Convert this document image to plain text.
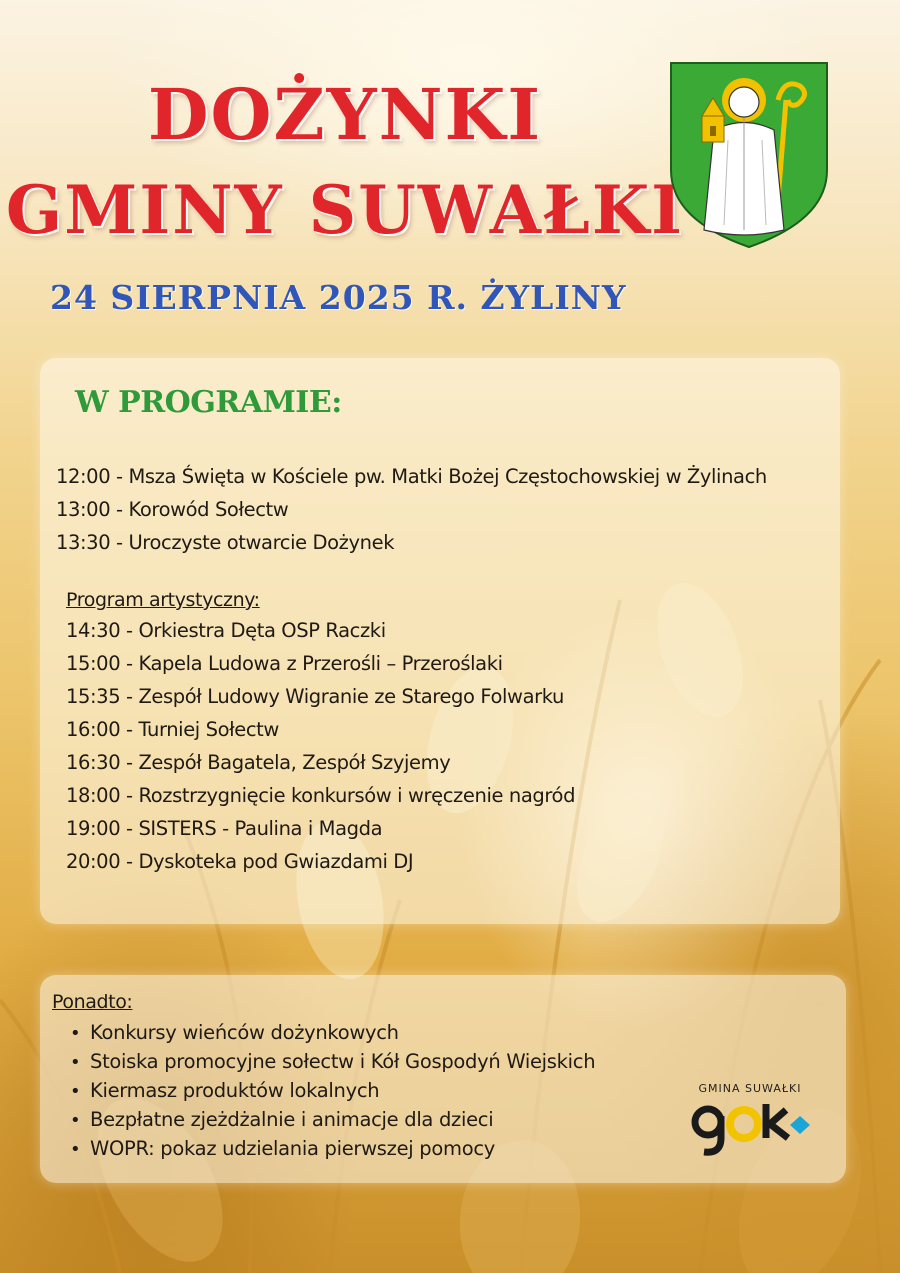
DOŻYNKI
GMINY SUWAŁKI

24 SIERPNIA 2025 R. ŻYLINY

W PROGRAMIE:
12:00 - Msza Święta w Kościele pw. Matki Bożej Częstochowskiej w Żylinach
13:00 - Korowód Sołectw
13:30 - Uroczyste otwarcie Dożynek
Program artystyczny:
14:30 - Orkiestra Dęta OSP Raczki
15:00 - Kapela Ludowa z Przerośli – Przeroślaki
15:35 - Zespół Ludowy Wigranie ze Starego Folwarku
16:00 - Turniej Sołectw
16:30 - Zespół Bagatela, Zespół Szyjemy
18:00 - Rozstrzygnięcie konkursów i wręczenie nagród
19:00 - SISTERS - Paulina i Magda
20:00 - Dyskoteka pod Gwiazdami DJ
Ponadto:
• Konkursy wieńców dożynkowych
• Stoiska promocyjne sołectw i Kół Gospodyń Wiejskich
• Kiermasz produktów lokalnych
• Bezpłatne zjeżdżalnie i animacje dla dzieci
• WOPR: pokaz udzielania pierwszej pomocy

GMINA SUWAŁKI
